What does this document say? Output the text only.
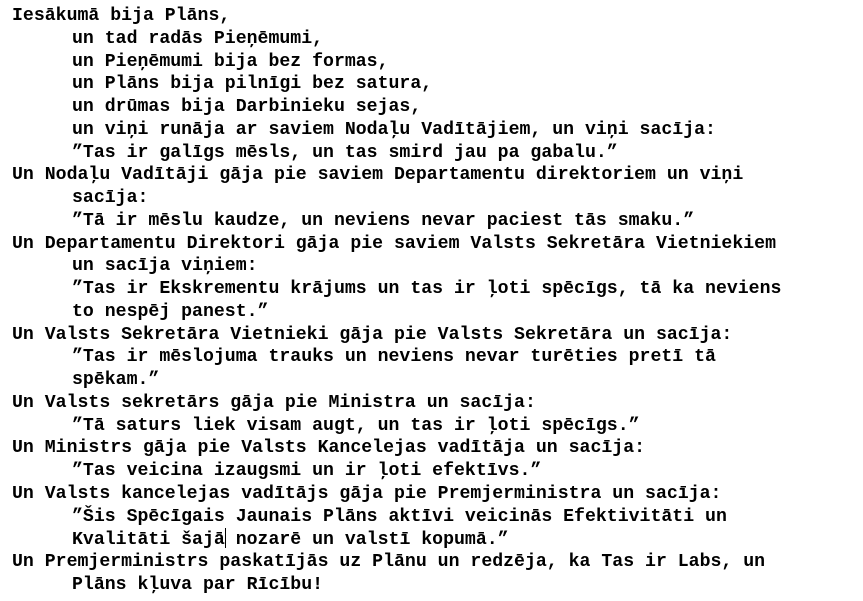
Iesākumā bija Plāns,
un tad radās Pieņēmumi,
un Pieņēmumi bija bez formas,
un Plāns bija pilnīgi bez satura,
un drūmas bija Darbinieku sejas,
un viņi runāja ar saviem Nodaļu Vadītājiem, un viņi sacīja:
”Tas ir galīgs mēsls, un tas smird jau pa gabalu.”
Un Nodaļu Vadītāji gāja pie saviem Departamentu direktoriem un viņi
sacīja:
”Tā ir mēslu kaudze, un neviens nevar paciest tās smaku.”
Un Departamentu Direktori gāja pie saviem Valsts Sekretāra Vietniekiem
un sacīja viņiem:
”Tas ir Ekskrementu krājums un tas ir ļoti spēcīgs, tā ka neviens
to nespēj panest.”
Un Valsts Sekretāra Vietnieki gāja pie Valsts Sekretāra un sacīja:
”Tas ir mēslojuma trauks un neviens nevar turēties pretī tā
spēkam.”
Un Valsts sekretārs gāja pie Ministra un sacīja:
”Tā saturs liek visam augt, un tas ir ļoti spēcīgs.”
Un Ministrs gāja pie Valsts Kancelejas vadītāja un sacīja:
”Tas veicina izaugsmi un ir ļoti efektīvs.”
Un Valsts kancelejas vadītājs gāja pie Premjerministra un sacīja:
”Šis Spēcīgais Jaunais Plāns aktīvi veicinās Efektivitāti un
Kvalitāti šajā nozarē un valstī kopumā.”
Un Premjerministrs paskatījās uz Plānu un redzēja, ka Tas ir Labs, un
Plāns kļuva par Rīcību!
